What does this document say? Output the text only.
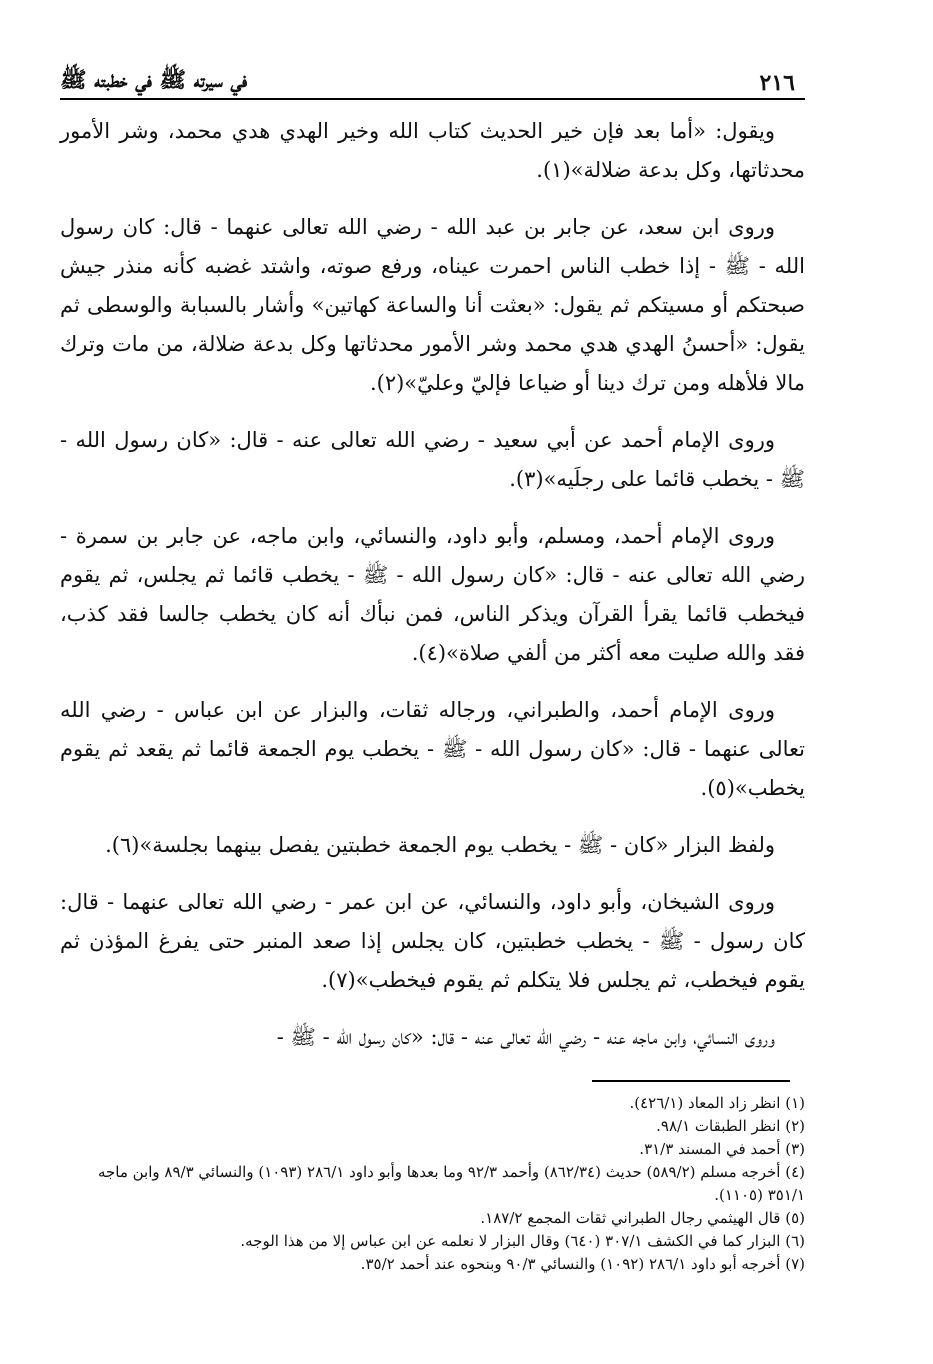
٢١٦
في سيرته ﷺ في خطبته ﷺ

ويقول: «أما بعد فإن خير الحديث كتاب الله وخير الهدي هدي محمد، وشر الأمور محدثاتها، وكل بدعة ضلالة»(١).

وروى ابن سعد، عن جابر بن عبد الله - رضي الله تعالى عنهما - قال: كان رسول الله - ﷺ - إذا خطب الناس احمرت عيناه، ورفع صوته، واشتد غضبه كأنه منذر جيش صبحتكم أو مسيتكم ثم يقول: «بعثت أنا والساعة كهاتين» وأشار بالسبابة والوسطى ثم يقول: «أحسنُ الهدي هدي محمد وشر الأمور محدثاتها وكل بدعة ضلالة، من مات وترك مالا فلأهله ومن ترك دينا أو ضياعا فإليّ وعليّ»(٢).

وروى الإمام أحمد عن أبي سعيد - رضي الله تعالى عنه - قال: «كان رسول الله - ﷺ - يخطب قائما على رجلَيه»(٣).

وروى الإمام أحمد، ومسلم، وأبو داود، والنسائي، وابن ماجه، عن جابر بن سمرة - رضي الله تعالى عنه - قال: «كان رسول الله - ﷺ - يخطب قائما ثم يجلس، ثم يقوم فيخطب قائما يقرأ القرآن ويذكر الناس، فمن نبأك أنه كان يخطب جالسا فقد كذب، فقد والله صليت معه أكثر من ألفي صلاة»(٤).

وروى الإمام أحمد، والطبراني، ورجاله ثقات، والبزار عن ابن عباس - رضي الله تعالى عنهما - قال: «كان رسول الله - ﷺ - يخطب يوم الجمعة قائما ثم يقعد ثم يقوم يخطب»(٥).

ولفظ البزار «كان - ﷺ - يخطب يوم الجمعة خطبتين يفصل بينهما بجلسة»(٦).

وروى الشيخان، وأبو داود، والنسائي، عن ابن عمر - رضي الله تعالى عنهما - قال: كان رسول - ﷺ - يخطب خطبتين، كان يجلس إذا صعد المنبر حتى يفرغ المؤذن ثم يقوم فيخطب، ثم يجلس فلا يتكلم ثم يقوم فيخطب»(٧).

وروى النسائي، وابن ماجه عنه - رضي الله تعالى عنه - قال: «كان رسول الله - ﷺ -

(١) انظر زاد المعاد (٤٢٦/١).

(٢) انظر الطبقات ٩٨/١.

(٣) أحمد في المسند ٣١/٣.

(٤) أخرجه مسلم (٥٨٩/٢) حديث (٨٦٢/٣٤) وأحمد ٩٢/٣ وما بعدها وأبو داود ٢٨٦/١ (١٠٩٣) والنسائي ٨٩/٣ وابن ماجه ٣٥١/١ (١١٠٥).

(٥) قال الهيثمي رجال الطبراني ثقات المجمع ١٨٧/٢.

(٦) البزار كما في الكشف ٣٠٧/١ (٦٤٠) وقال البزار لا نعلمه عن ابن عباس إلا من هذا الوجه.

(٧) أخرجه أبو داود ٢٨٦/١ (١٠٩٢) والنسائي ٩٠/٣ وبنحوه عند أحمد ٣٥/٢.
